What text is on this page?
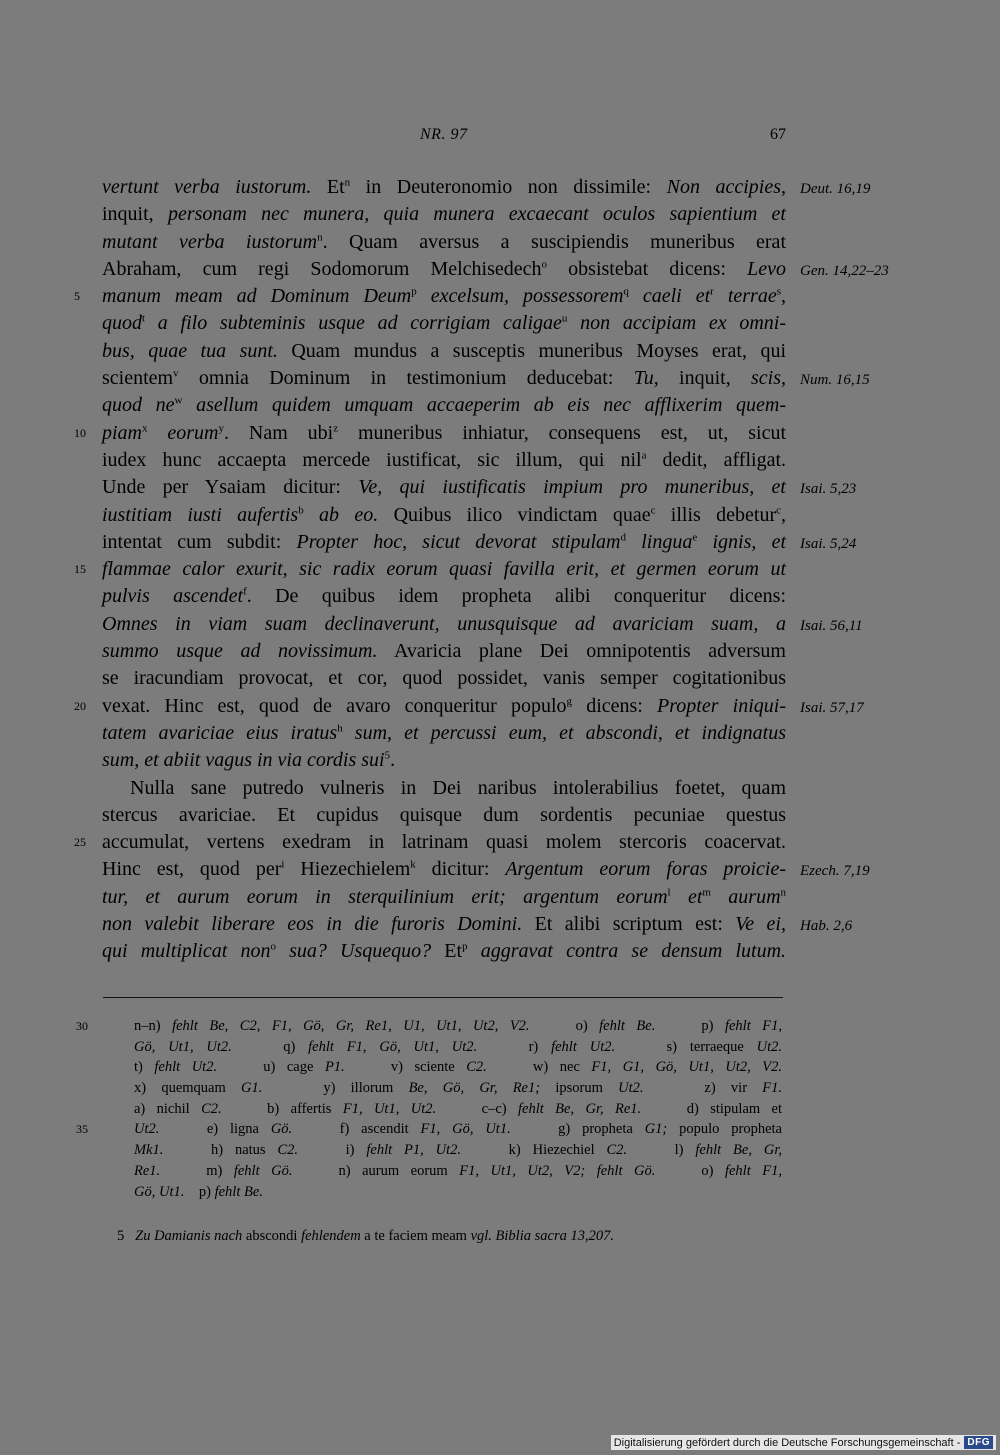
NR. 97	67
vertunt verba iustorum. Et$^n$ in Deuteronomio non dissimile: Non accipies, Deut. 16,19
inquit, personam nec munera, quia munera excaecant oculos sapientium et
mutant verba iustorum$^n$. Quam aversus a suscipiendis muneribus erat
Abraham, cum regi Sodomorum Melchisedech$^o$ obsistebat dicens: Levo Gen. 14,22–23
manum meam ad Dominum Deum$^p$ excelsum, possessorem$^q$ caeli $et^r$ terrae$^s$,
5
quod$^t$ a filo subteminis usque ad corrigiam caligae$^u$ non accipiam ex omni-
bus, quae tua sunt. Quam mundus a susceptis muneribus Moyses erat, qui
scientem$^v$ omnia Dominum in testimonium deducebat: Tu, inquit, scis, Num. 16,15
quod $ne^w$ asellum quidem umquam accaeperim ab eis nec afflixerim quem-
piam$^x$ eorum$^y$. Nam ubi$^z$ muneribus inhiatur, consequens est, ut, sicut
10
iudex hunc accaepta mercede iustificat, sic illum, qui nil$^a$ dedit, affligat.
Unde per Ysaiam dicitur: Ve, qui iustificatis impium pro muneribus, et Isai. 5,23
iustitiam iusti aufertis$^b$ ab eo. Quibus ilico vindictam quae$^c$ illis debetur$^c$,
intentat cum subdit: Propter hoc, sicut devorat stipulam$^d$ lingua$^e$ ignis, et Isai. 5,24
flammae calor exurit, sic radix eorum quasi favilla erit, et germen eorum ut
15
pulvis ascendet$^f$. De quibus idem propheta alibi conqueritur dicens:
Omnes in viam suam declinaverunt, unusquisque ad avariciam suam, a Isai. 56,11
summo usque ad novissimum. Avaricia plane Dei omnipotentis adversum
se iracundiam provocat, et cor, quod possidet, vanis semper cogitationibus
vexat. Hinc est, quod de avaro conqueritur populo$^g$ dicens: Propter iniqui-
20	Isai. 57,17
tatem avariciae eius iratus$^h$ sum, et percussi eum, et abscondi, et indignatus
sum, et abiit vagus in via cordis sui$^5$.
Nulla sane putredo vulneris in Dei naribus intolerabilius foetet, quam
stercus avariciae. Et cupidus quisque dum sordentis pecuniae questus
accumulat, vertens exedram in latrinam quasi molem stercoris coacervat.
25
Hinc est, quod per$^i$ Hiezechielem$^k$ dicitur: Argentum eorum foras proicie- Ezech. 7,19
tur, et aurum eorum in sterquilinium erit; argentum eorum$^l$ $et^m$ aurum$^n$
non valebit liberare eos in die furoris Domini. Et alibi scriptum est: Ve ei, Hab. 2,6
qui multiplicat non$^o$ sua? Usquequo? Et$^p$ aggravat contra se densum lutum.
n–n) fehlt Be, C2, F1, Gö, Gr, Re1, U1, Ut1, Ut2, V2.    o) fehlt Be.    p) fehlt F1,
30
Gö, Ut1, Ut2.    q) fehlt F1, Gö, Ut1, Ut2.    r) fehlt Ut2.    s) terraeque Ut2.
t) fehlt Ut2.    u) cage P1.    v) sciente C2.    w) nec F1, G1, Gö, Ut1, Ut2, V2.
x) quemquam G1.    y) illorum Be, Gö, Gr, Re1; ipsorum Ut2.    z) vir F1.
a) nichil C2.    b) affertis F1, Ut1, Ut2.    c–c) fehlt Be, Gr, Re1.    d) stipulam et
Ut2.    e) ligna Gö.    f) ascendit F1, Gö, Ut1.    g) propheta G1; populo propheta
35
Mk1.    h) natus C2.    i) fehlt P1, Ut2.    k) Hiezechiel C2.    l) fehlt Be, Gr,
Re1.    m) fehlt Gö.    n) aurum eorum F1, Ut1, Ut2, V2; fehlt Gö.    o) fehlt F1,
Gö, Ut1.    p) fehlt Be.
5   Zu Damianis nach abscondi fehlendem a te faciem meam vgl. Biblia sacra 13,207.
Digitalisierung gefördert durch die Deutsche Forschungsgemeinschaft - DFG
